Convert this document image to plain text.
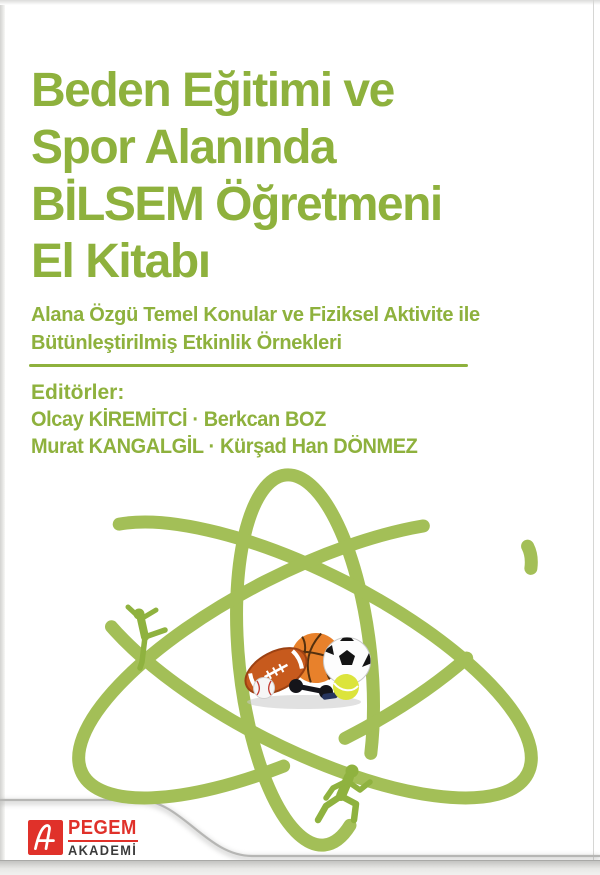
Beden Eğitimi ve
Spor Alanında
BİLSEM Öğretmeni
El Kitabı
Alana Özgü Temel Konular ve Fiziksel Aktivite ile
Bütünleştirilmiş Etkinlik Örnekleri
Editörler:
Olcay KİREMİTCİ · Berkcan BOZ
Murat KANGALGİL · Kürşad Han DÖNMEZ
PEGEM
AKADEMİ
